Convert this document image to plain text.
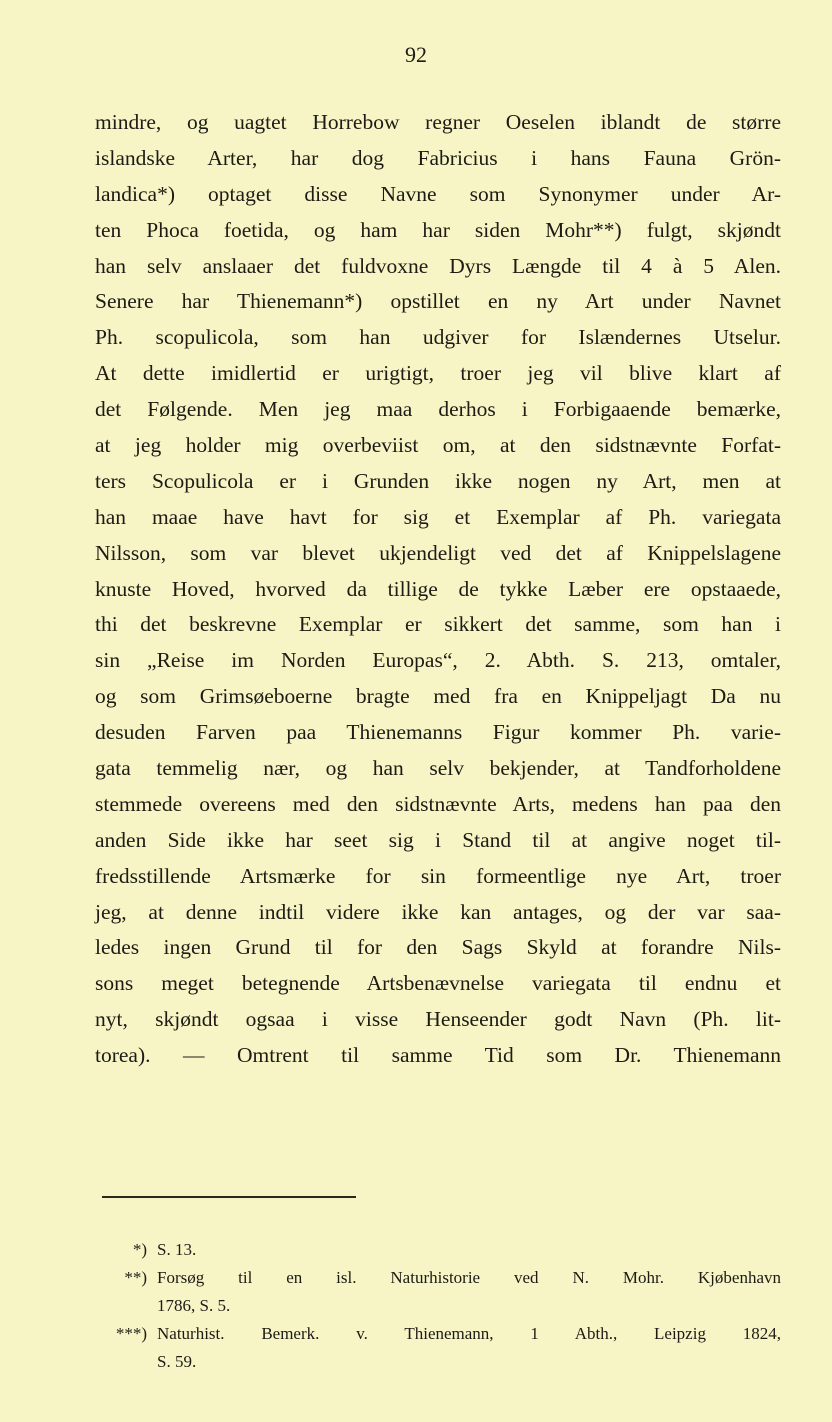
92
mindre, og uagtet Horrebow regner Oeselen iblandt de større
islandske Arter, har dog Fabricius i hans Fauna Grön-
landica*) optaget disse Navne som Synonymer under Ar-
ten Phoca foetida, og ham har siden Mohr**) fulgt, skjøndt
han selv anslaaer det fuldvoxne Dyrs Længde til 4 à 5 Alen.
Senere har Thienemann*) opstillet en ny Art under Navnet
Ph. scopulicola, som han udgiver for Islændernes Utselur.
At dette imidlertid er urigtigt, troer jeg vil blive klart af
det Følgende. Men jeg maa derhos i Forbigaaende bemærke,
at jeg holder mig overbeviist om, at den sidstnævnte Forfat-
ters Scopulicola er i Grunden ikke nogen ny Art, men at
han maae have havt for sig et Exemplar af Ph. variegata
Nilsson, som var blevet ukjendeligt ved det af Knippelslagene
knuste Hoved, hvorved da tillige de tykke Læber ere opstaaede,
thi det beskrevne Exemplar er sikkert det samme, som han i
sin „Reise im Norden Europas“, 2. Abth. S. 213, omtaler,
og som Grimsøeboerne bragte med fra en Knippeljagt Da nu
desuden Farven paa Thienemanns Figur kommer Ph. varie-
gata temmelig nær, og han selv bekjender, at Tandforholdene
stemmede overeens med den sidstnævnte Arts, medens han paa den
anden Side ikke har seet sig i Stand til at angive noget til-
fredsstillende Artsmærke for sin formeentlige nye Art, troer
jeg, at denne indtil videre ikke kan antages, og der var saa-
ledes ingen Grund til for den Sags Skyld at forandre Nils-
sons meget betegnende Artsbenævnelse variegata til endnu et
nyt, skjøndt ogsaa i visse Henseender godt Navn (Ph. lit-
torea). — Omtrent til samme Tid som Dr. Thienemann
*) S. 13.
**) Forsøg til en isl. Naturhistorie ved N. Mohr. Kjøbenhavn
1786, S. 5.
***) Naturhist. Bemerk. v. Thienemann, 1 Abth., Leipzig 1824,
S. 59.
